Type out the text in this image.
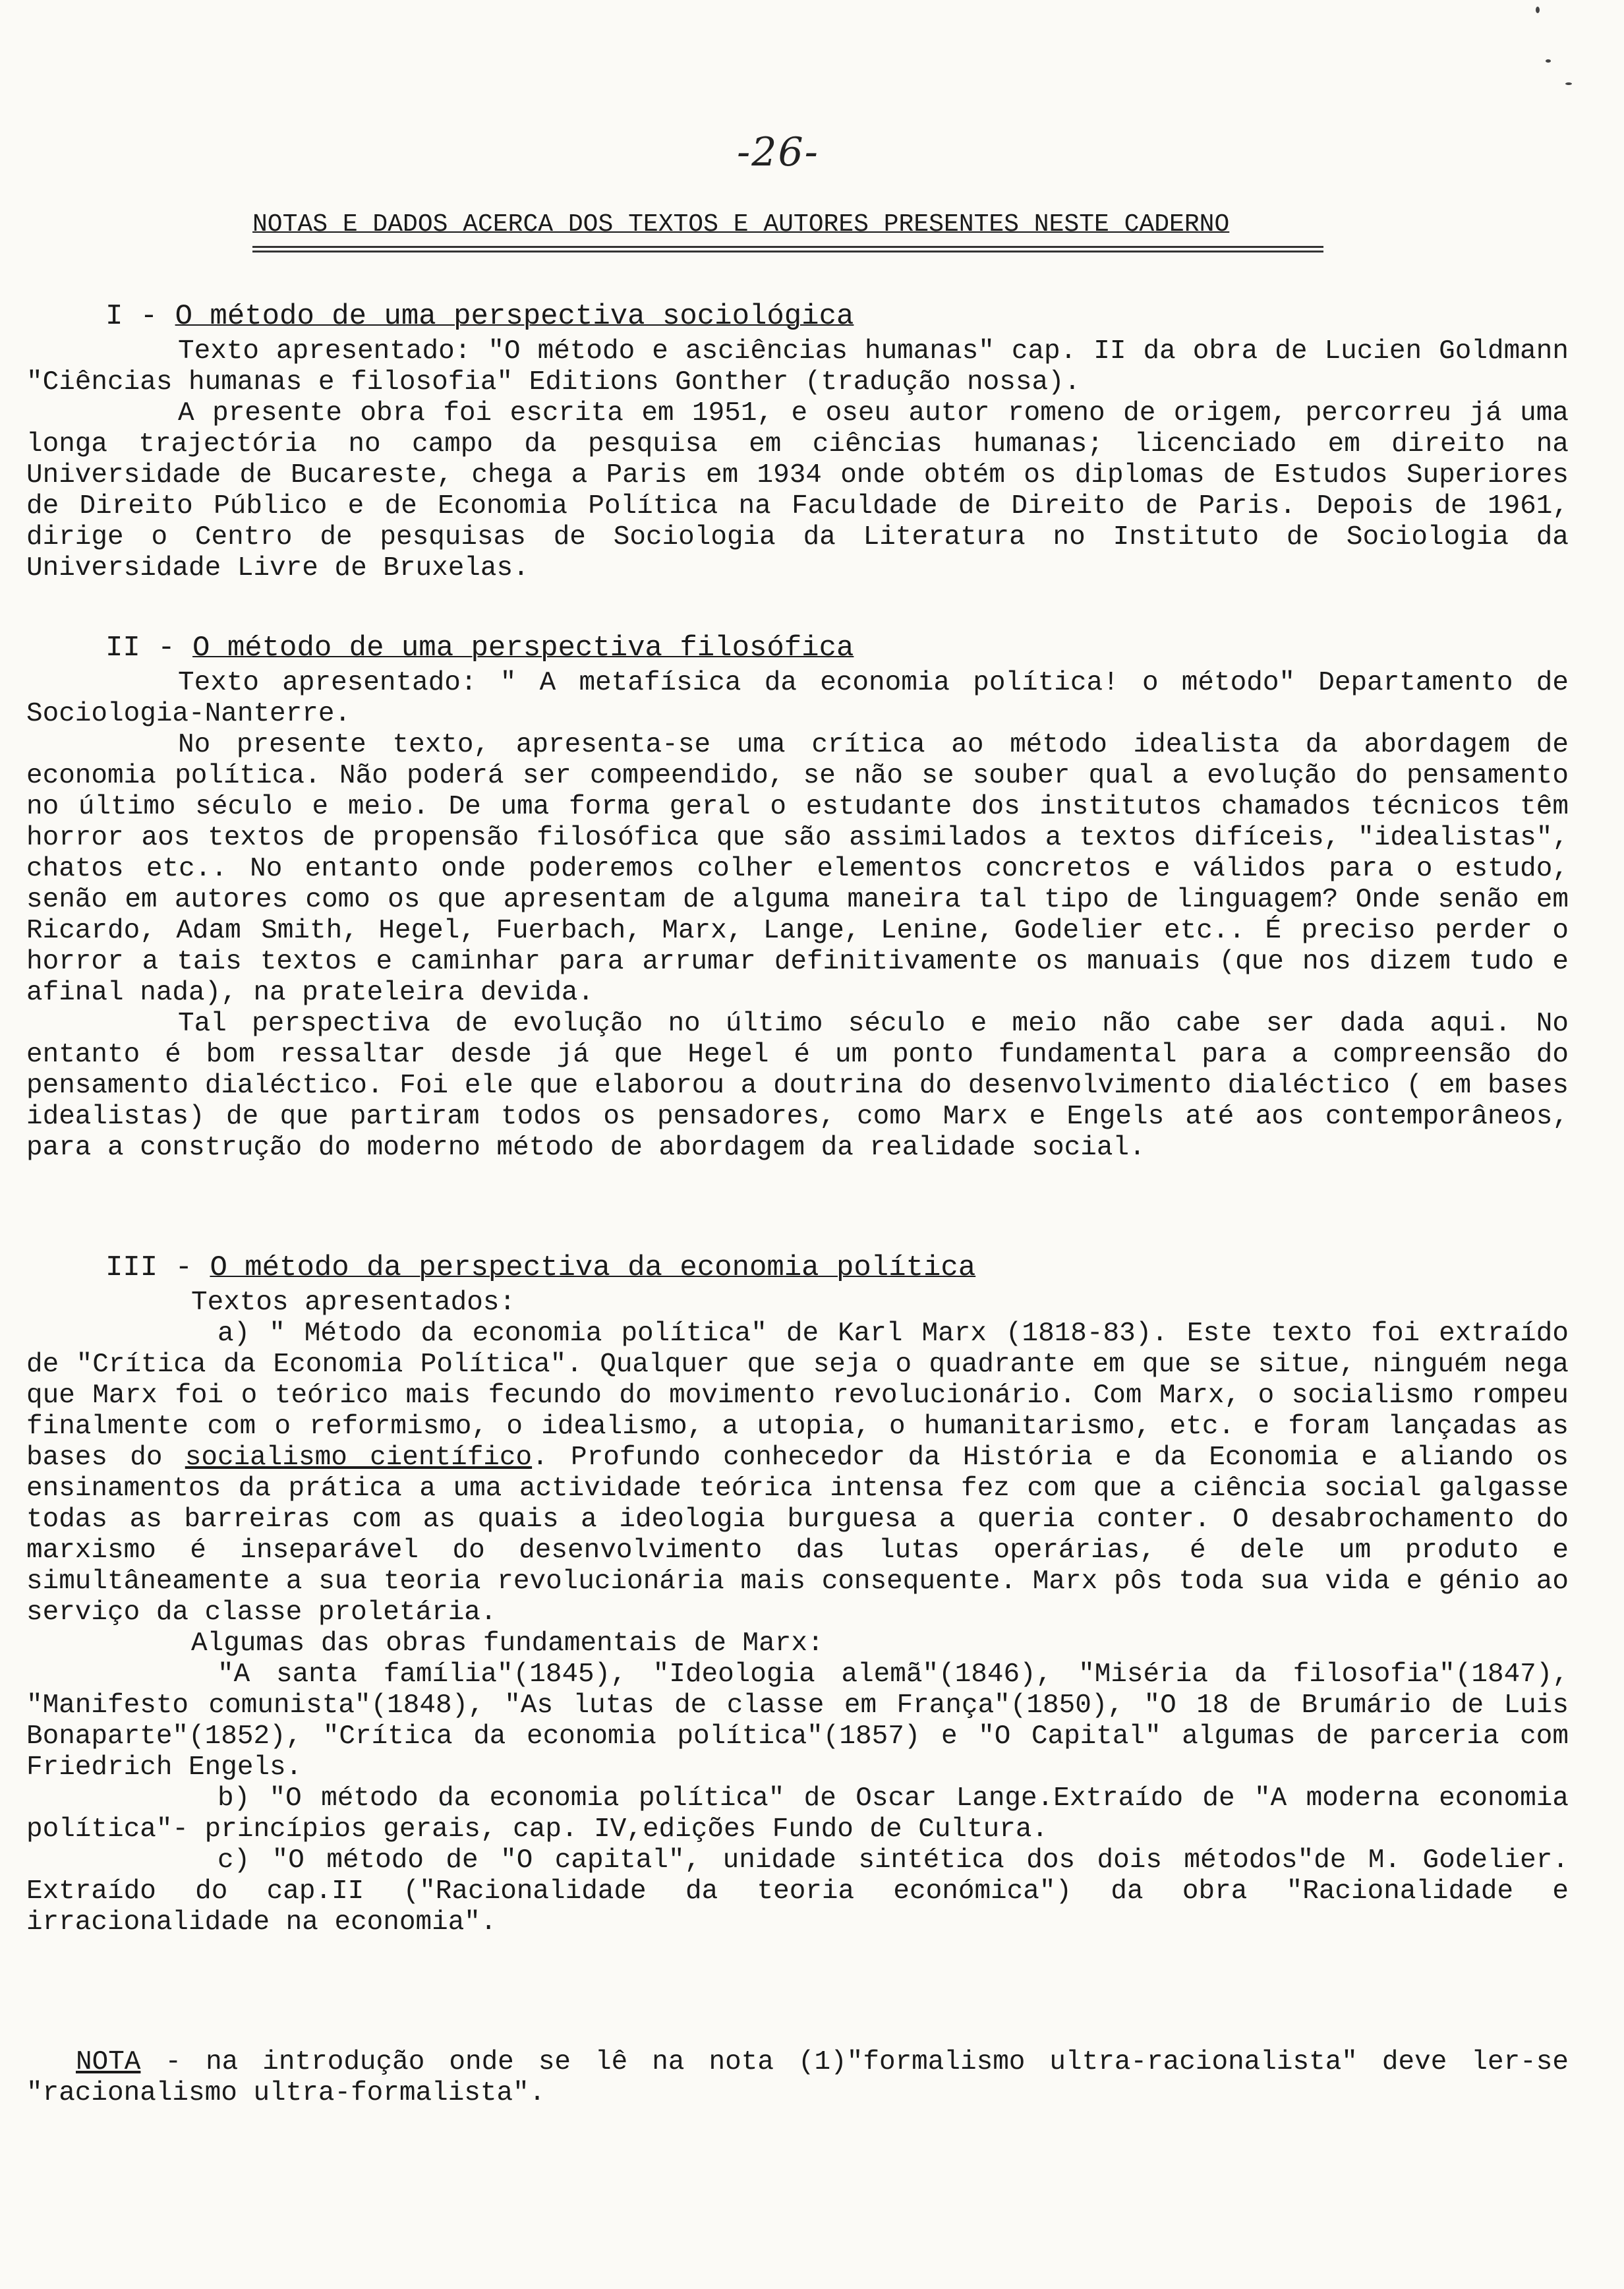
-26-
NOTAS E DADOS ACERCA DOS TEXTOS E AUTORES PRESENTES NESTE CADERNO
I - O método de uma perspectiva sociológica

Texto apresentado: "O método e asciências humanas" cap. II da obra de Lucien Goldmann "Ciências humanas e filosofia" Editions Gonther (tradução nossa).

A presente obra foi escrita em 1951, e oseu autor romeno de origem, percorreu já uma longa trajectória no campo da pesquisa em ciências humanas; licenciado em direito na Universidade de Bucareste, chega a Paris em 1934 onde obtém os diplomas de Estudos Superiores de Direito Público e de Economia Política na Faculdade de Direito de Paris. Depois de 1961, dirige o Centro de pesquisas de Sociologia da Literatura no Instituto de Sociologia da Universidade Livre de Bruxelas.

II - O método de uma perspectiva filosófica

Texto apresentado: " A metafísica da economia política! o método" Departamento de Sociologia-Nanterre.

No presente texto, apresenta-se uma crítica ao método idealista da abordagem de economia política. Não poderá ser compeendido, se não se souber qual a evolução do pensamento no último século e meio. De uma forma geral o estudante dos institutos chamados técnicos têm horror aos textos de propensão filosófica que são assimilados a textos difíceis, "idealistas", chatos etc.. No entanto onde poderemos colher elementos concretos e válidos para o estudo, senão em autores como os que apresentam de alguma maneira tal tipo de linguagem? Onde senão em Ricardo, Adam Smith, Hegel, Fuerbach, Marx, Lange, Lenine, Godelier etc.. É preciso perder o horror a tais textos e caminhar para arrumar definitivamente os manuais (que nos dizem tudo e afinal nada), na prateleira devida.

Tal perspectiva de evolução no último século e meio não cabe ser dada aqui. No entanto é bom ressaltar desde já que Hegel é um ponto fundamental para a compreensão do pensamento dialéctico. Foi ele que elaborou a doutrina do desenvolvimento dialéctico ( em bases idealistas) de que partiram todos os pensadores, como Marx e Engels até aos contemporâneos, para a construção do moderno método de abordagem da realidade social.

III - O método da perspectiva da economia política
Textos apresentados:

a) " Método da economia política" de Karl Marx (1818-83). Este texto foi extraído de "Crítica da Economia Política". Qualquer que seja o quadrante em que se situe, ninguém nega que Marx foi o teórico mais fecundo do movimento revolucionário. Com Marx, o socialismo rompeu finalmente com o reformismo, o idealismo, a utopia, o humanitarismo, etc. e foram lançadas as bases do socialismo científico. Profundo conhecedor da História e da Economia e aliando os ensinamentos da prática a uma actividade teórica intensa fez com que a ciência social galgasse todas as barreiras com as quais a ideologia burguesa a queria conter. O desabrochamento do marxismo é inseparável do desenvolvimento das lutas operárias, é dele um produto e simultâneamente a sua teoria revolucionária mais consequente. Marx pôs toda sua vida e génio ao serviço da classe proletária.

Algumas das obras fundamentais de Marx:

"A santa família"(1845), "Ideologia alemã"(1846), "Miséria da filosofia"(1847), "Manifesto comunista"(1848), "As lutas de classe em França"(1850), "O 18 de Brumário de Luis Bonaparte"(1852), "Crítica da economia política"(1857) e "O Capital" algumas de parceria com Friedrich Engels.

b) "O método da economia política" de Oscar Lange.Extraído de "A moderna economia política"- princípios gerais, cap. IV,edições Fundo de Cultura.

c) "O método de "O capital", unidade sintética dos dois métodos"de M. Godelier. Extraído do cap.II ("Racionalidade da teoria económica") da obra "Racionalidade e irracionalidade na economia".

NOTA - na introdução onde se lê na nota (1)"formalismo ultra-racionalista" deve ler-se "racionalismo ultra-formalista".
